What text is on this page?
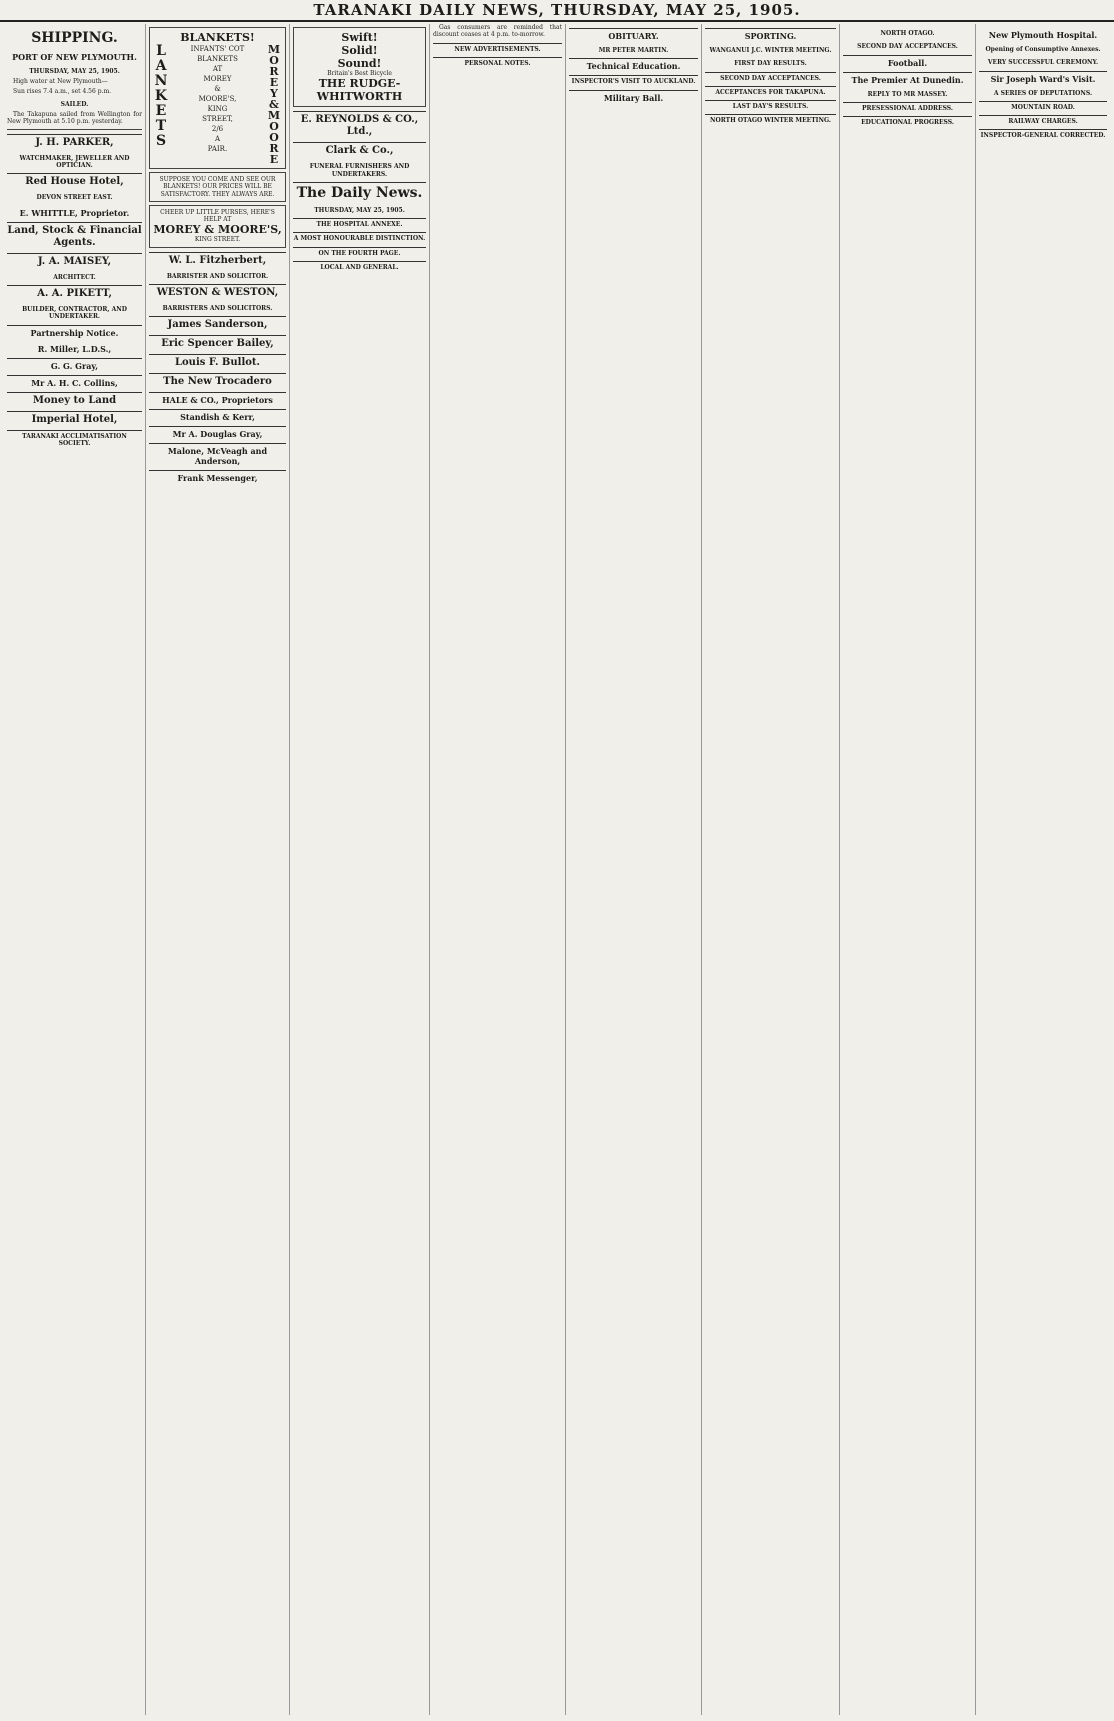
TARANAKI DAILY NEWS, THURSDAY, MAY 25, 1905.
SHIPPING.
PORT OF NEW PLYMOUTH.
THURSDAY, MAY 25, 1905.

High water at New Plymouth—

Sun rises 7.4 a.m., set 4.56 p.m.

SAILED.

The Takapuna sailed from Wellington for New Plymouth at 5.10 p.m. yesterday.

J. H. PARKER,
WATCHMAKER, JEWELLER AND OPTICIAN.
Red House Hotel,
DEVON STREET EAST.
E. WHITTLE, Proprietor.
Land, Stock & Financial Agents.
J. A. MAISEY,
ARCHITECT.
A. A. PIKETT,
BUILDER, CONTRACTOR, AND UNDERTAKER.
Partnership Notice.
R. Miller, L.D.S.,
G. G. Gray,
Mr A. H. C. Collins,
Money to Land
Imperial Hotel,
TARANAKI ACCLIMATISATION SOCIETY.
BLANKETS!
L
A
N
K
E
T
S
INFANTS' COT
BLANKETS
AT
MOREY
&
MOORE'S,
KING
STREET,
2/6
A
PAIR.
M
O
R
E
Y
&
M
O
O
R
E
SUPPOSE YOU COME AND SEE OUR BLANKETS! OUR PRICES WILL BE SATISFACTORY. THEY ALWAYS ARE.
CHEER UP LITTLE PURSES, HERE'S HELP AT
MOREY & MOORE'S,
KING STREET.
W. L. Fitzherbert,
BARRISTER AND SOLICITOR.
WESTON & WESTON,
BARRISTERS AND SOLICITORS.
James Sanderson,
Eric Spencer Bailey,
Louis F. Bullot.
The New Trocadero
HALE & CO., Proprietors
Standish & Kerr,
Mr A. Douglas Gray,
Malone, McVeagh and Anderson,
Frank Messenger,
Swift!
Solid!
Sound!
Britain's Best Bicycle
THE RUDGE-WHITWORTH
E. REYNOLDS & CO., Ltd.,
Clark & Co.,
FUNERAL FURNISHERS AND UNDERTAKERS.
The Daily News.
THURSDAY, MAY 25, 1905.
THE HOSPITAL ANNEXE.
A MOST HONOURABLE DISTINCTION.
ON THE FOURTH PAGE.
LOCAL AND GENERAL.

Gas consumers are reminded that discount ceases at 4 p.m. to-morrow.

NEW ADVERTISEMENTS.
PERSONAL NOTES.
OBITUARY.
MR PETER MARTIN.
Technical Education.
INSPECTOR'S VISIT TO AUCKLAND.
Military Ball.
SPORTING.
WANGANUI J.C. WINTER MEETING.
FIRST DAY RESULTS.
SECOND DAY ACCEPTANCES.
ACCEPTANCES FOR TAKAPUNA.
LAST DAY'S RESULTS.
NORTH OTAGO WINTER MEETING.
NORTH OTAGO.
SECOND DAY ACCEPTANCES.
Football.
The Premier At Dunedin.
REPLY TO MR MASSEY.
PRESESSIONAL ADDRESS.
EDUCATIONAL PROGRESS.
New Plymouth Hospital.
Opening of Consumptive Annexes.
VERY SUCCESSFUL CEREMONY.
Sir Joseph Ward's Visit.
A SERIES OF DEPUTATIONS.
MOUNTAIN ROAD.
RAILWAY CHARGES.
INSPECTOR-GENERAL CORRECTED.
